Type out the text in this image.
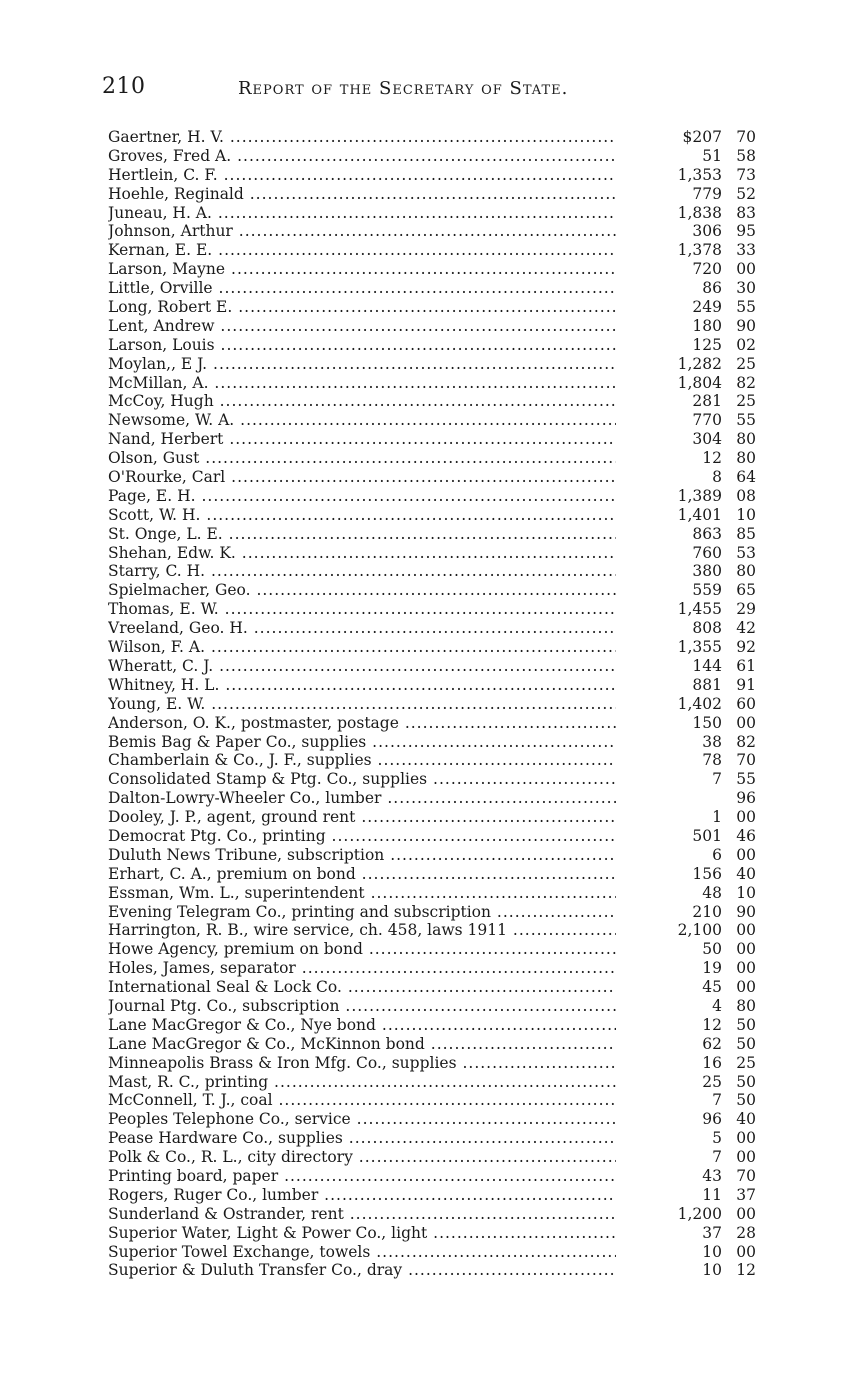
210	Report of the Secretary of State.
Gaertner, H. V. .....	$207 70
Groves, Fred A. .....	51 58
Hertlein, C. F. .....	1,353 73
Hoehle, Reginald .....	779 52
Juneau, H. A. .....	1,838 83
Johnson, Arthur .....	306 95
Kernan, E. E. .....	1,378 33
Larson, Mayne .....	720 00
Little, Orville .....	86 30
Long, Robert E. .....	249 55
Lent, Andrew .....	180 90
Larson, Louis .....	125 02
Moylan,, E J. .....	1,282 25
McMillan, A. .....	1,804 82
McCoy, Hugh .....	281 25
Newsome, W. A. .....	770 55
Nand, Herbert .....	304 80
Olson, Gust .....	12 80
O'Rourke, Carl .....	8 64
Page, E. H. .....	1,389 08
Scott, W. H. .....	1,401 10
St. Onge, L. E. .....	863 85
Shehan, Edw. K. .....	760 53
Starry, C. H. .....	380 80
Spielmacher, Geo. .....	559 65
Thomas, E. W. .....	1,455 29
Vreeland, Geo. H. .....	808 42
Wilson, F. A. .....	1,355 92
Wheratt, C. J. .....	144 61
Whitney, H. L. .....	881 91
Young, E. W. .....	1,402 60
Anderson, O. K., postmaster, postage .....	150 00
Bemis Bag & Paper Co., supplies .....	38 82
Chamberlain & Co., J. F., supplies .....	78 70
Consolidated Stamp & Ptg. Co., supplies .....	7 55
Dalton-Lowry-Wheeler Co., lumber .....	96
Dooley, J. P., agent, ground rent .....	1 00
Democrat Ptg. Co., printing .....	501 46
Duluth News Tribune, subscription .....	6 00
Erhart, C. A., premium on bond .....	156 40
Essman, Wm. L., superintendent .....	48 10
Evening Telegram Co., printing and subscription .....	210 90
Harrington, R. B., wire service, ch. 458, laws 1911 .....	2,100 00
Howe Agency, premium on bond .....	50 00
Holes, James, separator .....	19 00
International Seal & Lock Co. .....	45 00
Journal Ptg. Co., subscription .....	4 80
Lane MacGregor & Co., Nye bond .....	12 50
Lane MacGregor & Co., McKinnon bond .....	62 50
Minneapolis Brass & Iron Mfg. Co., supplies .....	16 25
Mast, R. C., printing .....	25 50
McConnell, T. J., coal .....	7 50
Peoples Telephone Co., service .....	96 40
Pease Hardware Co., supplies .....	5 00
Polk & Co., R. L., city directory .....	7 00
Printing board, paper .....	43 70
Rogers, Ruger Co., lumber .....	11 37
Sunderland & Ostrander, rent .....	1,200 00
Superior Water, Light & Power Co., light .....	37 28
Superior Towel Exchange, towels .....	10 00
Superior & Duluth Transfer Co., dray .....	10 12
